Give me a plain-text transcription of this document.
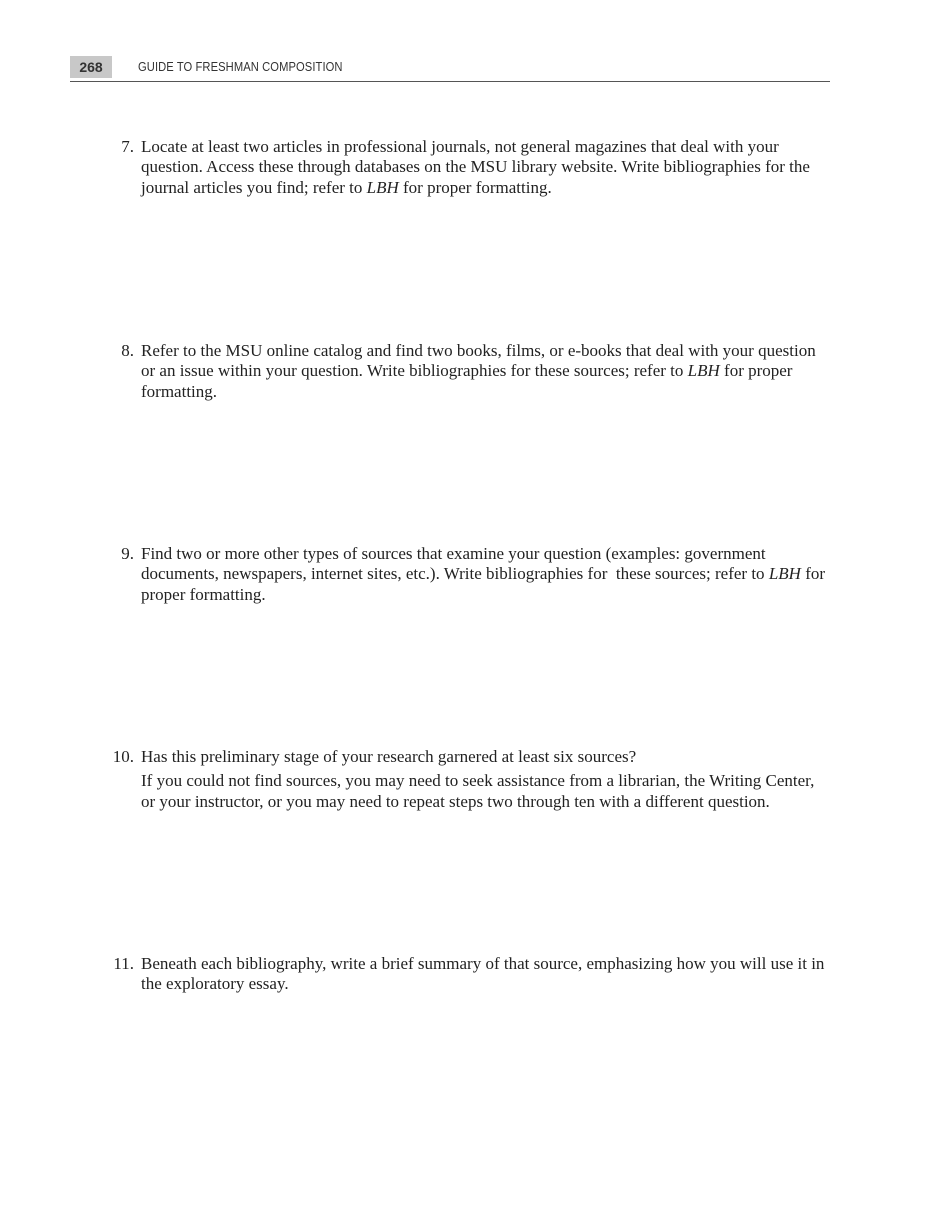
268	GUIDE TO FRESHMAN COMPOSITION
7. Locate at least two articles in professional journals, not general magazines that deal with your
question. Access these through databases on the MSU library website. Write bibliographies for the
journal articles you find; refer to LBH for proper formatting.
8. Refer to the MSU online catalog and find two books, films, or e-books that deal with your question
or an issue within your question. Write bibliographies for these sources; refer to LBH for proper
formatting.
9. Find two or more other types of sources that examine your question (examples: government
documents, newspapers, internet sites, etc.). Write bibliographies for  these sources; refer to LBH for
proper formatting.
10. Has this preliminary stage of your research garnered at least six sources?

If you could not find sources, you may need to seek assistance from a librarian, the Writing Center,
or your instructor, or you may need to repeat steps two through ten with a different question.

11. Beneath each bibliography, write a brief summary of that source, emphasizing how you will use it in
the exploratory essay.
